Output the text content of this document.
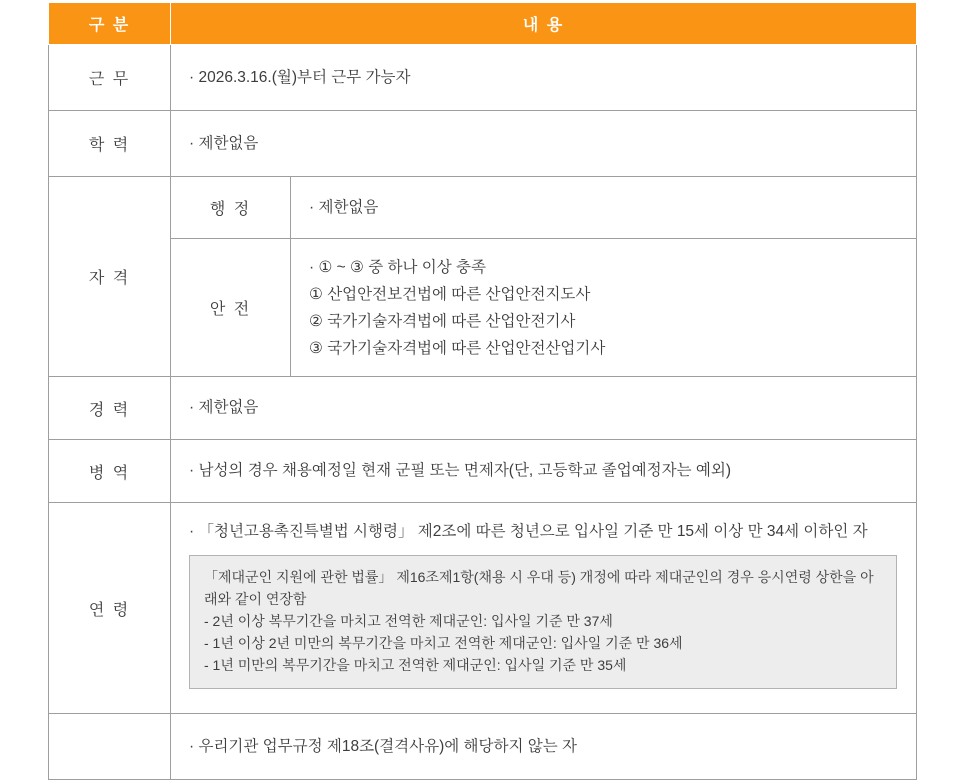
구 분	내 용	
근 무	· 2026.3.16.(월)부터 근무 가능자	
학 력	· 제한없음	
자 격	행 정	· 제한없음
	안 전	· ① ~ ③ 중 하나 이상 충족
① 산업안전보건법에 따른 산업안전지도사
② 국가기술자격법에 따른 산업안전기사
③ 국가기술자격법에 따른 산업안전산업기사

경 력	· 제한없음	
병 역	· 남성의 경우 채용예정일 현재 군필 또는 면제자(단, 고등학교 졸업예정자는 예외)	
연 령	· 「청년고용촉진특별법 시행령」 제2조에 따른 청년으로 입사일 기준 만 15세 이상 만 34세 이하인 자
「제대군인 지원에 관한 법률」 제16조제1항(채용 시 우대 등) 개정에 따라 제대군인의 경우 응시연령 상한을 아래와 같이 연장함
- 2년 이상 복무기간을 마치고 전역한 제대군인: 입사일 기준 만 37세
- 1년 이상 2년 미만의 복무기간을 마치고 전역한 제대군인: 입사일 기준 만 36세
- 1년 미만의 복무기간을 마치고 전역한 제대군인: 입사일 기준 만 35세	

	· 우리기관 업무규정 제18조(결격사유)에 해당하지 않는 자	
